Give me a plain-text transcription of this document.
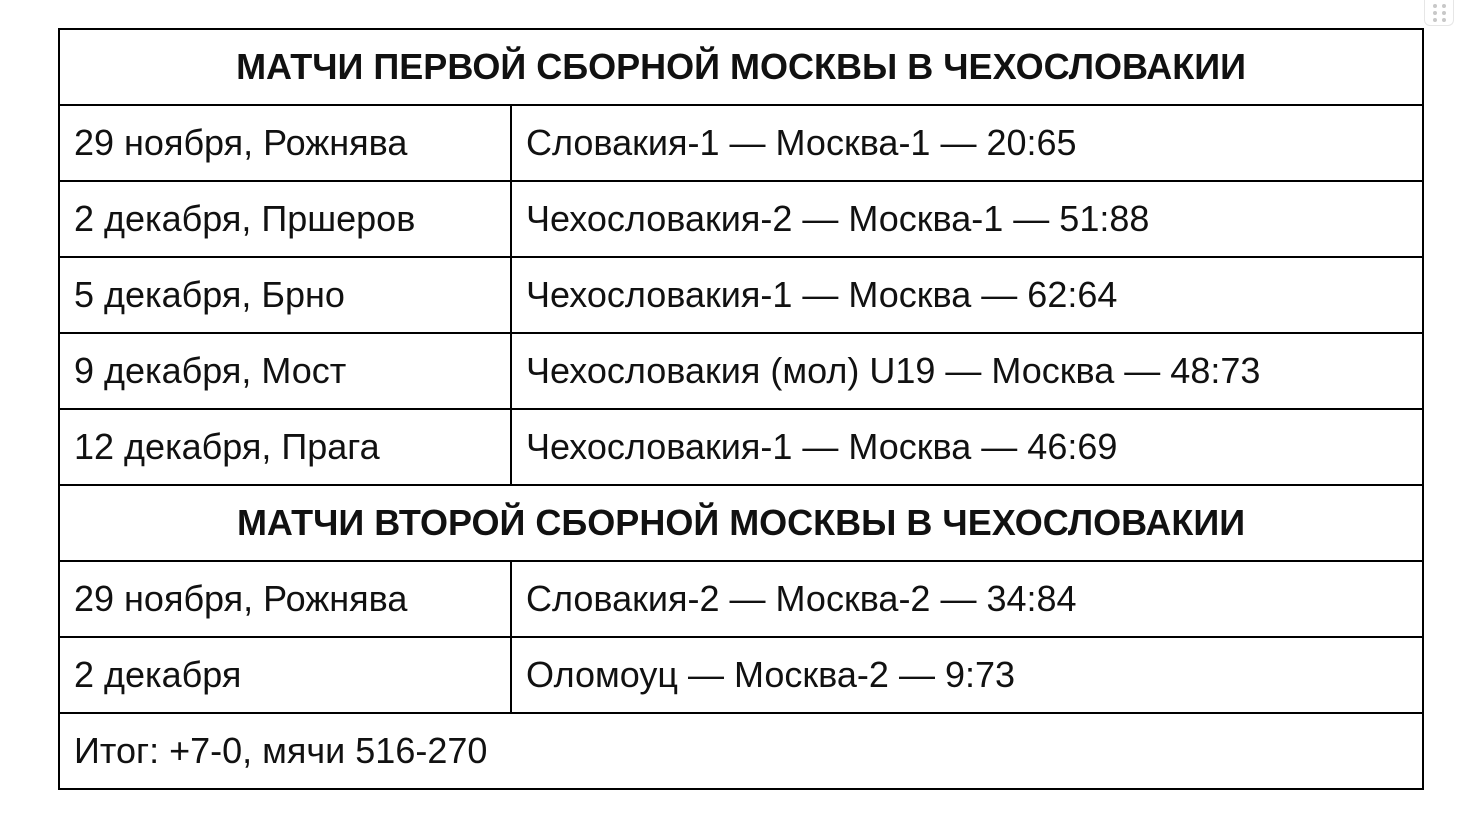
МАТЧИ ПЕРВОЙ СБОРНОЙ МОСКВЫ В ЧЕХОСЛОВАКИИ	
29 ноября, Рожнява	Словакия-1 — Москва-1 — 20:65
2 декабря, Пршеров	Чехословакия-2 — Москва-1 — 51:88
5 декабря, Брно	Чехословакия-1 — Москва — 62:64
9 декабря, Мост	Чехословакия (мол) U19 — Москва — 48:73
12 декабря, Прага	Чехословакия-1 — Москва — 46:69
МАТЧИ ВТОРОЙ СБОРНОЙ МОСКВЫ В ЧЕХОСЛОВАКИИ	
29 ноября, Рожнява	Словакия-2 — Москва-2 — 34:84
2 декабря	Оломоуц — Москва-2 — 9:73
Итог: +7-0, мячи 516-270	
